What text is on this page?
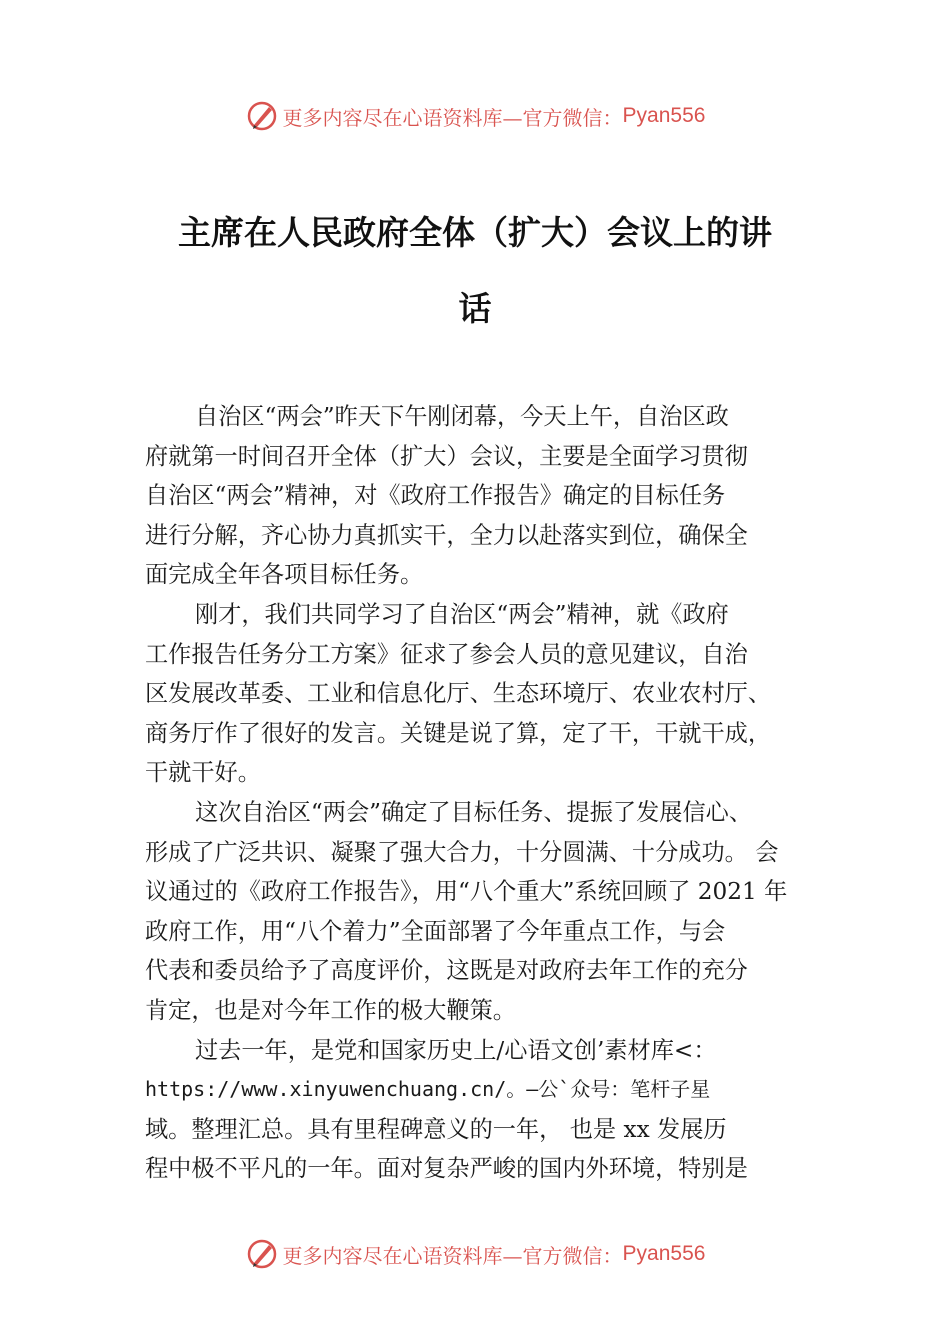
更多内容尽在心语资料库—官方微信： Pyan556
主席在人民政府全体（扩大）会议上的讲
话
自治区“两会”昨天下午刚闭幕，今天上午，自治区政
府就第一时间召开全体（扩大）会议，主要是全面学习贯彻
自治区“两会”精神，对《政府工作报告》确定的目标任务
进行分解，齐心协力真抓实干，全力以赴落实到位，确保全
面完成全年各项目标任务。
刚才，我们共同学习了自治区“两会”精神，就《政府
工作报告任务分工方案》征求了参会人员的意见建议，自治
区发展改革委、工业和信息化厅、生态环境厅、农业农村厅、
商务厅作了很好的发言。关键是说了算，定了干，干就干成，
干就干好。
这次自治区“两会”确定了目标任务、提振了发展信心、
形成了广泛共识、凝聚了强大合力，十分圆满、十分成功。 会
议通过的《政府工作报告》，用“八个重大”系统回顾了 2021 年
政府工作，用“八个着力”全面部署了今年重点工作，与会
代表和委员给予了高度评价，这既是对政府去年工作的充分
肯定，也是对今年工作的极大鞭策。
过去一年，是党和国家历史上/心语文创’素材库<：
https://www.xinyuwenchuang.cn/。—公`众号：笔杆子星
域。整理汇总。具有里程碑意义的一年， 也是 xx 发展历
程中极不平凡的一年。面对复杂严峻的国内外环境，特别是
更多内容尽在心语资料库—官方微信： Pyan556
